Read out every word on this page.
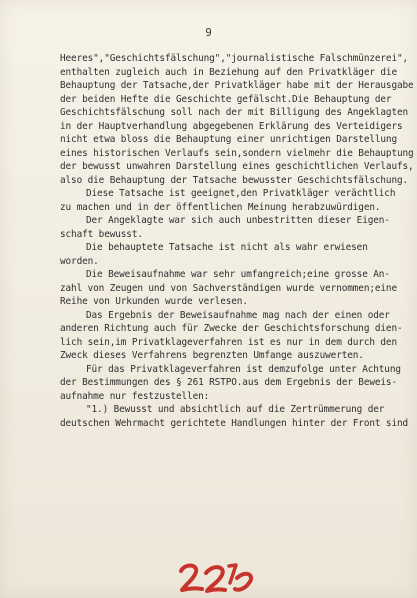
9
Heeres","Geschichtsfälschung","journalistische Falschmünzerei",
enthalten zugleich auch in Beziehung auf den Privatkläger die
Behauptung der Tatsache,der Privatkläger habe mit der Herausgabe
der beiden Hefte die Geschichte gefälscht.Die Behauptung der
Geschichtsfälschung soll nach der mit Billigung des Angeklagten
in der Hauptverhandlung abgegebenen Erklärung des Verteidigers
nicht etwa bloss die Behauptung einer unrichtigen Darstellung
eines historischen Verlaufs sein,sondern vielmehr die Behauptung
der bewusst unwahren Darstellung eines geschichtlichen Verlaufs,
also die Behauptung der Tatsache bewusster Geschichtsfälschung.
Diese Tatsache ist geeignet,den Privatkläger verächtlich
zu machen und in der öffentlichen Meinung herabzuwürdigen.
Der Angeklagte war sich auch unbestritten dieser Eigen-
schaft bewusst.
Die behauptete Tatsache ist nicht als wahr erwiesen
worden.
Die Beweisaufnahme war sehr umfangreich;eine grosse An-
zahl von Zeugen und von Sachverständigen wurde vernommen;eine
Reihe von Urkunden wurde verlesen.
Das Ergebnis der Beweisaufnahme mag nach der einen oder
anderen Richtung auch für Zwecke der Geschichtsforschung dien-
lich sein,im Privatklageverfahren ist es nur in dem durch den
Zweck dieses Verfahrens begrenzten Umfange auszuwerten.
Für das Privatklageverfahren ist demzufolge unter Achtung
der Bestimmungen des § 261 RSTPO.aus dem Ergebnis der Beweis-
aufnahme nur festzustellen:
"1.) Bewusst und absichtlich auf die Zertrümmerung der
deutschen Wehrmacht gerichtete Handlungen hinter der Front sind
